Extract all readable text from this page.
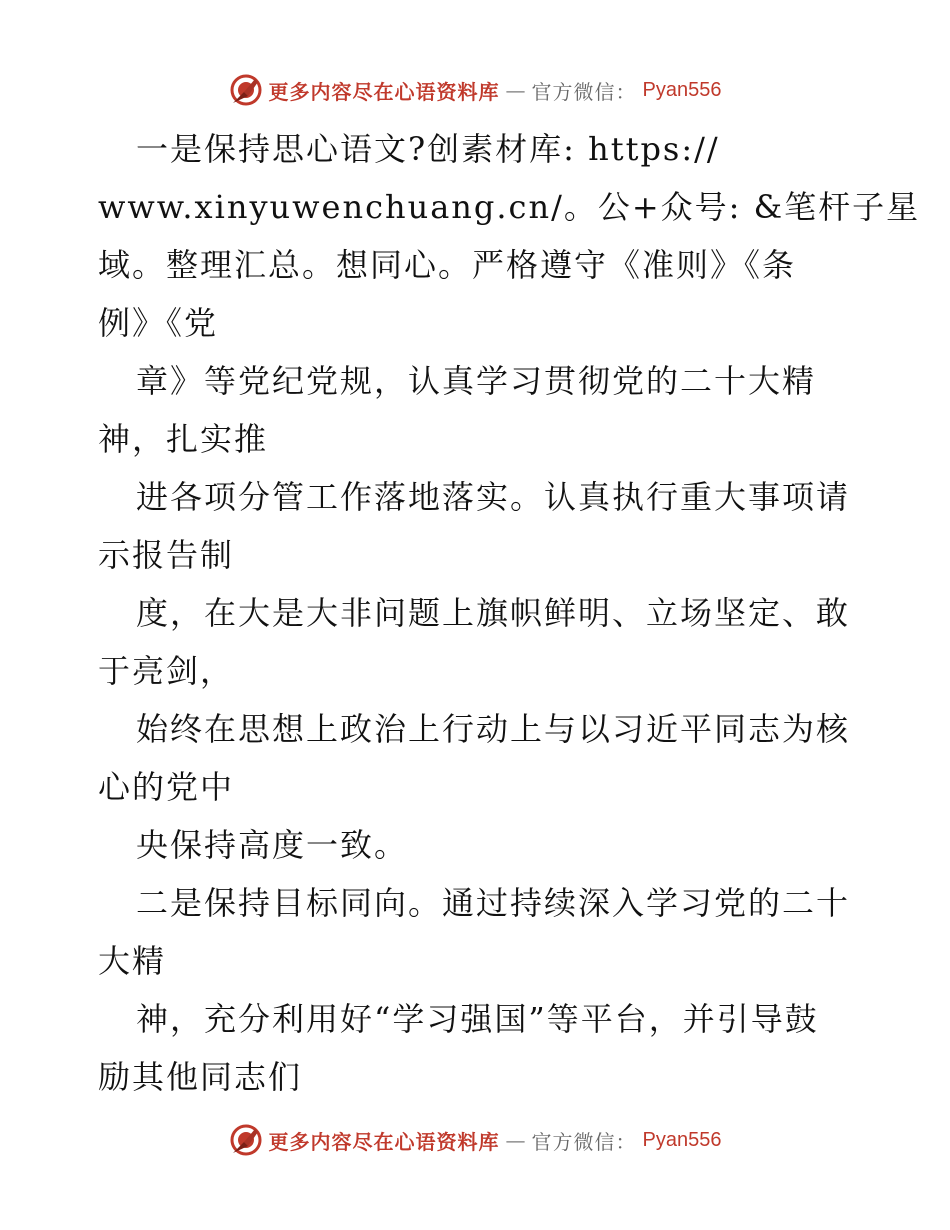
更多内容尽在心语资料库 — 官方微信： Pyan556
一是保持思心语文?创素材库: https://
www.xinyuwenchuang.cn/。公+众号: &笔杆子星
域。整理汇总。想同心。严格遵守《准则》《条
例》《党
章》等党纪党规，认真学习贯彻党的二十大精
神，扎实推
进各项分管工作落地落实。认真执行重大事项请
示报告制
度，在大是大非问题上旗帜鲜明、立场坚定、敢
于亮剑，
始终在思想上政治上行动上与以习近平同志为核
心的党中
央保持高度一致。
二是保持目标同向。通过持续深入学习党的二十
大精
神，充分利用好“学习强国”等平台，并引导鼓
励其他同志们
更多内容尽在心语资料库 — 官方微信： Pyan556
